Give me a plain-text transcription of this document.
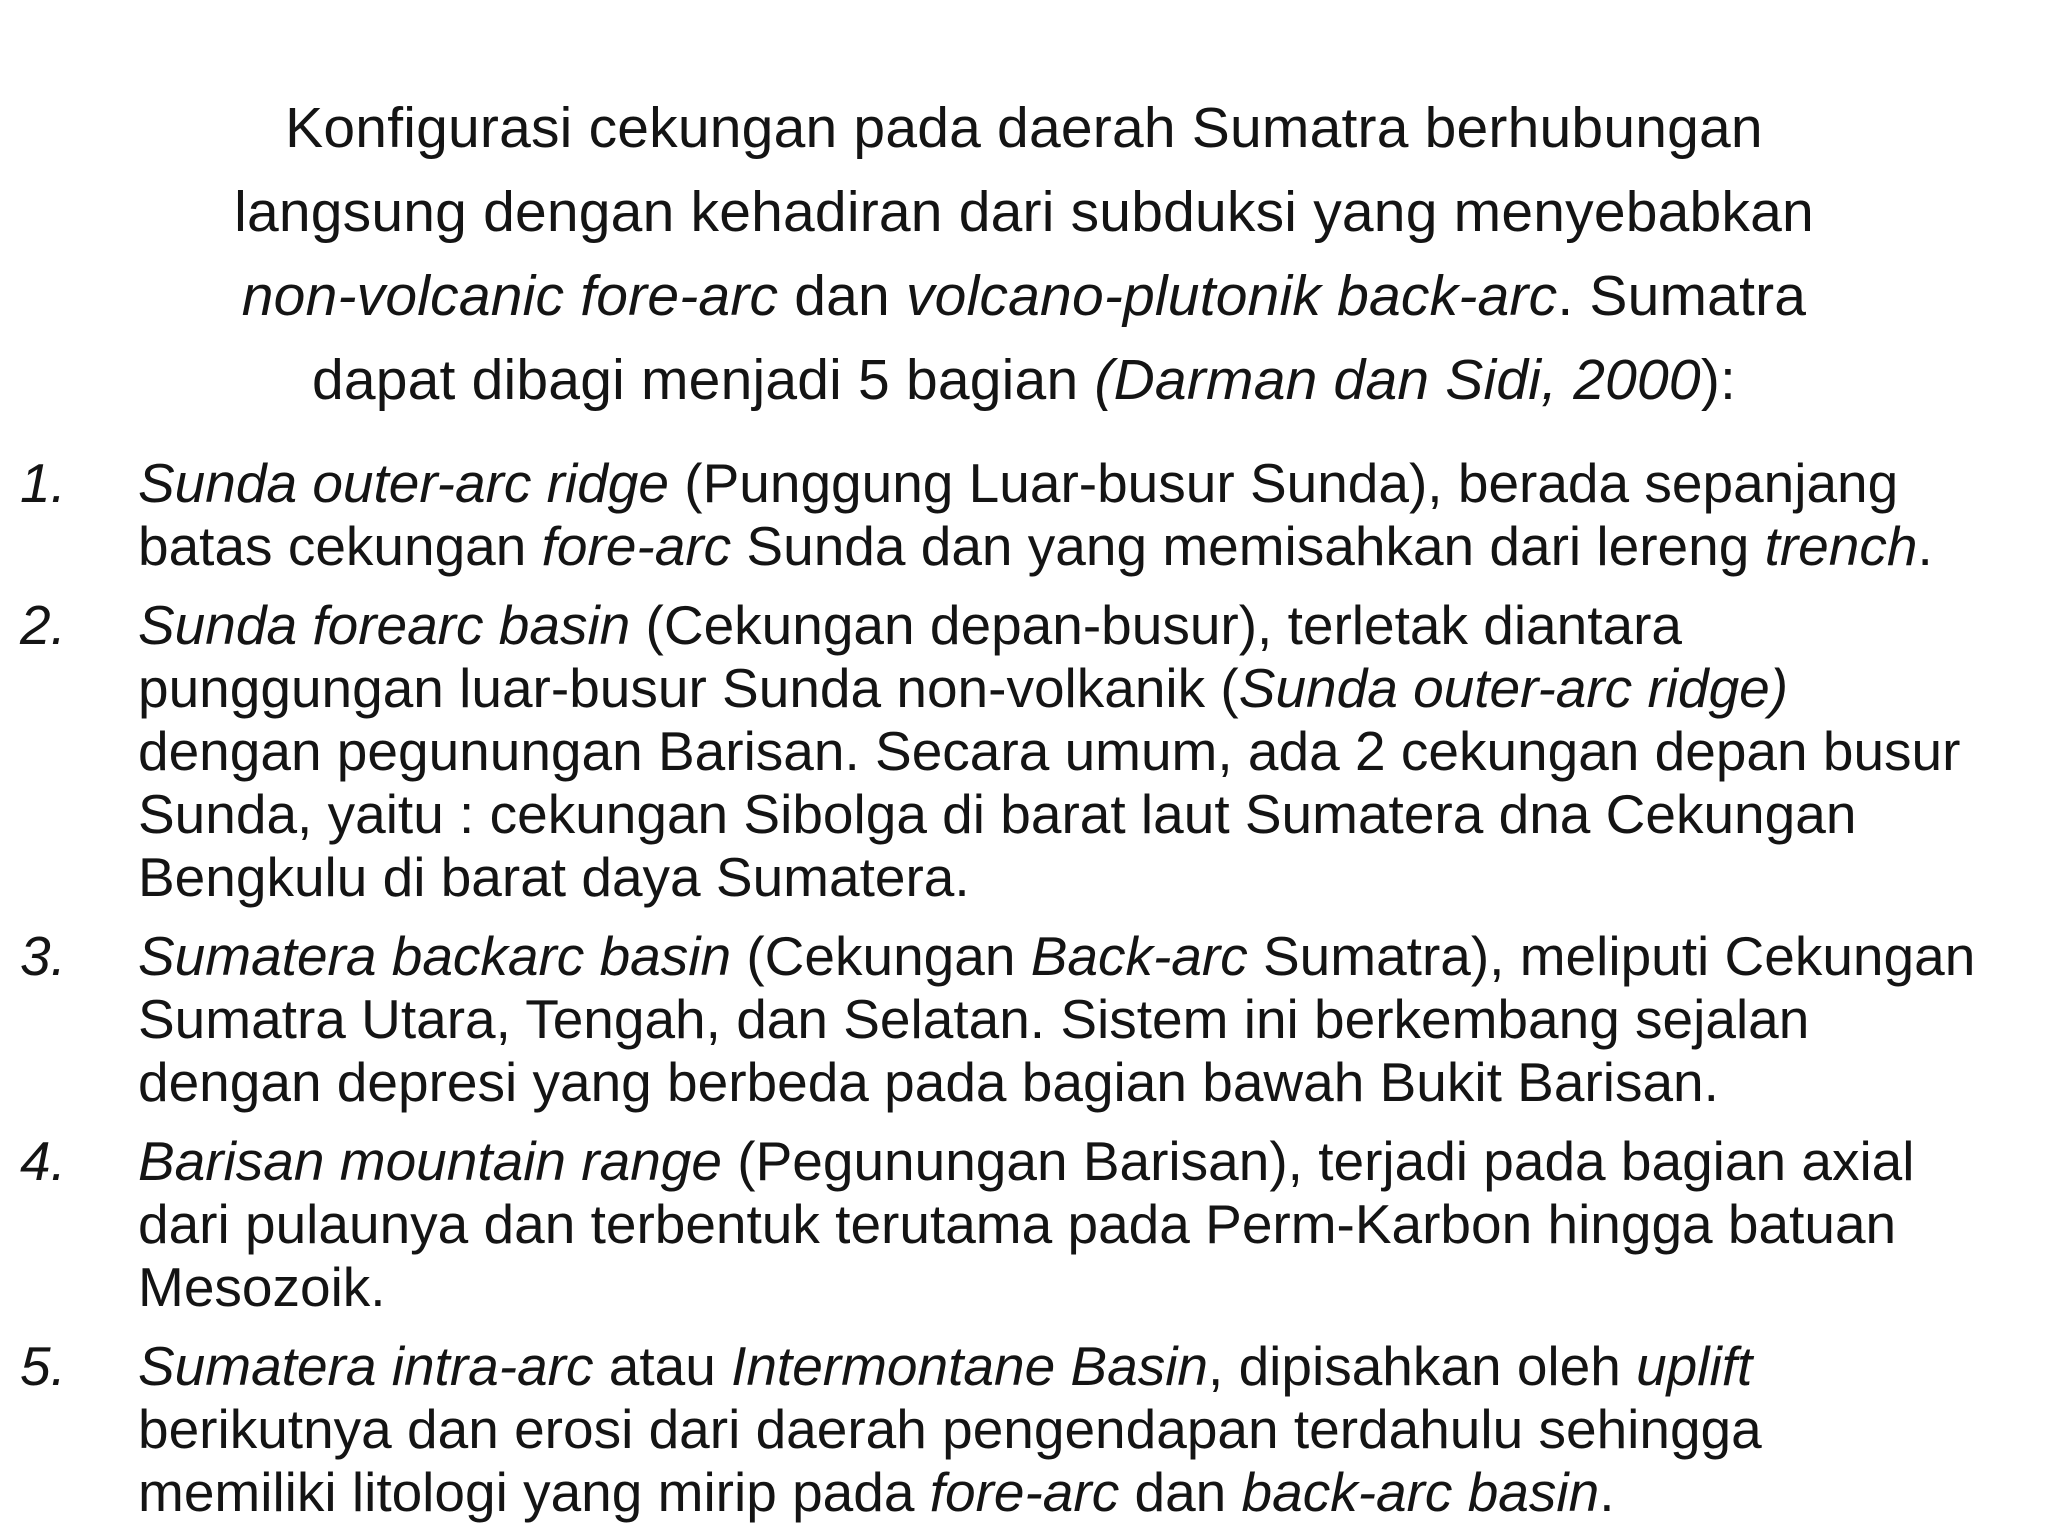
Konfigurasi cekungan pada daerah Sumatra berhubungan
langsung dengan kehadiran dari subduksi yang menyebabkan
non-volcanic fore-arc dan volcano-plutonik back-arc. Sumatra
dapat dibagi menjadi 5 bagian (Darman dan Sidi, 2000):
1. Sunda outer-arc ridge (Punggung Luar-busur Sunda), berada sepanjang
batas cekungan fore-arc Sunda dan yang memisahkan dari lereng trench.
2. Sunda forearc basin (Cekungan depan-busur), terletak diantara
punggungan luar-busur Sunda non-volkanik (Sunda outer-arc ridge)
dengan pegunungan Barisan. Secara umum, ada 2 cekungan depan busur
Sunda, yaitu : cekungan Sibolga di barat laut Sumatera dna Cekungan
Bengkulu di barat daya Sumatera.
3. Sumatera backarc basin (Cekungan Back-arc Sumatra), meliputi Cekungan
Sumatra Utara, Tengah, dan Selatan. Sistem ini berkembang sejalan
dengan depresi yang berbeda pada bagian bawah Bukit Barisan.
4. Barisan mountain range (Pegunungan Barisan), terjadi pada bagian axial
dari pulaunya dan terbentuk terutama pada Perm-Karbon hingga batuan
Mesozoik.
5. Sumatera intra-arc atau Intermontane Basin, dipisahkan oleh uplift
berikutnya dan erosi dari daerah pengendapan terdahulu sehingga
memiliki litologi yang mirip pada fore-arc dan back-arc basin.
